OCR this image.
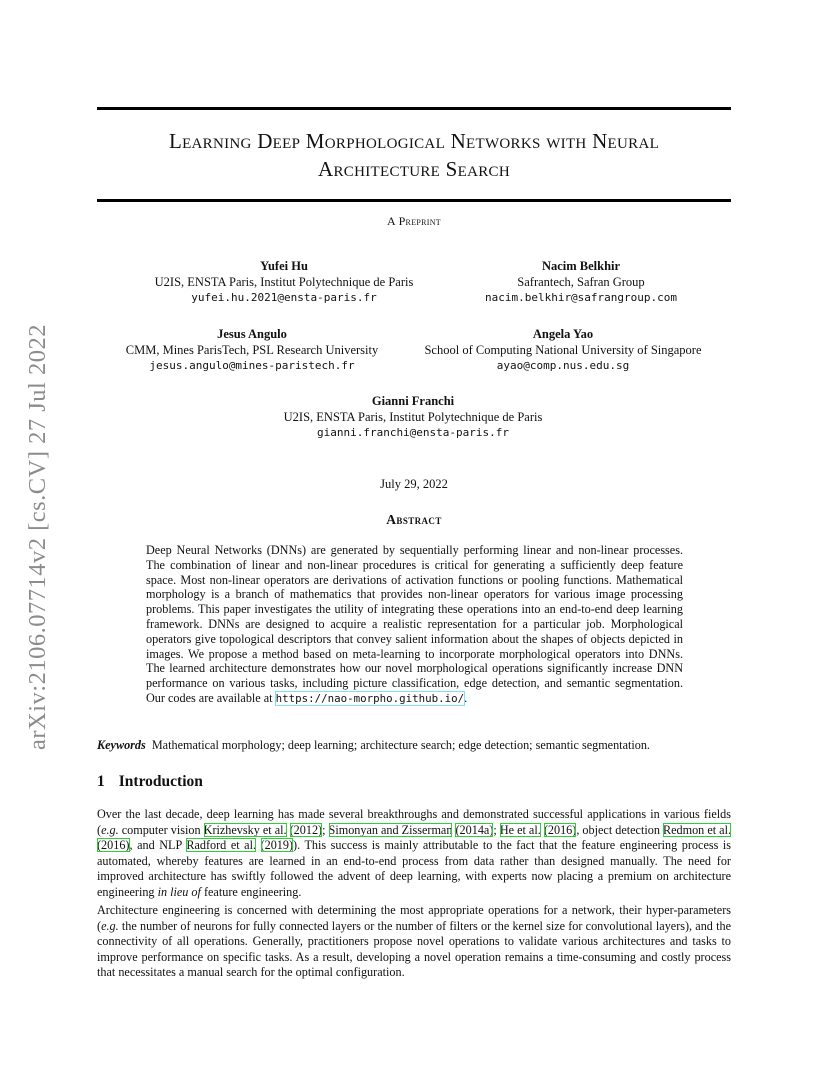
arXiv:2106.07714v2 [cs.CV] 27 Jul 2022
Learning Deep Morphological Networks with Neural
Architecture Search
A Preprint
Yufei Hu
U2IS, ENSTA Paris, Institut Polytechnique de Paris
yufei.hu.2021@ensta-paris.fr
Nacim Belkhir
Safrantech, Safran Group
nacim.belkhir@safrangroup.com
Jesus Angulo
CMM, Mines ParisTech, PSL Research University
jesus.angulo@mines-paristech.fr
Angela Yao
School of Computing National University of Singapore
ayao@comp.nus.edu.sg
Gianni Franchi
U2IS, ENSTA Paris, Institut Polytechnique de Paris
gianni.franchi@ensta-paris.fr
July 29, 2022
Abstract

Deep Neural Networks (DNNs) are generated by sequentially performing linear and non-linear processes. The combination of linear and non-linear procedures is critical for generating a sufficiently deep feature space. Most non-linear operators are derivations of activation functions or pooling functions. Mathematical morphology is a branch of mathematics that provides non-linear operators for various image processing problems. This paper investigates the utility of integrating these operations into an end-to-end deep learning framework. DNNs are designed to acquire a realistic representation for a particular job. Morphological operators give topological descriptors that convey salient information about the shapes of objects depicted in images. We propose a method based on meta-learning to incorporate morphological operators into DNNs. The learned architecture demonstrates how our novel morphological operations significantly increase DNN performance on various tasks, including picture classification, edge detection, and semantic segmentation. Our codes are available at https://nao-morpho.github.io/.

Keywords Mathematical morphology; deep learning; architecture search; edge detection; semantic segmentation.
1 Introduction

Over the last decade, deep learning has made several breakthroughs and demonstrated successful applications in various fields (e.g. computer vision Krizhevsky et al. (2012); Simonyan and Zisserman (2014a); He et al. (2016), object detection Redmon et al. (2016), and NLP Radford et al. (2019)). This success is mainly attributable to the fact that the feature engineering process is automated, whereby features are learned in an end-to-end process from data rather than designed manually. The need for improved architecture has swiftly followed the advent of deep learning, with experts now placing a premium on architecture engineering in lieu of feature engineering.

Architecture engineering is concerned with determining the most appropriate operations for a network, their hyper-parameters (e.g. the number of neurons for fully connected layers or the number of filters or the kernel size for convolutional layers), and the connectivity of all operations. Generally, practitioners propose novel operations to validate various architectures and tasks to improve performance on specific tasks. As a result, developing a novel operation remains a time-consuming and costly process that necessitates a manual search for the optimal configuration.
